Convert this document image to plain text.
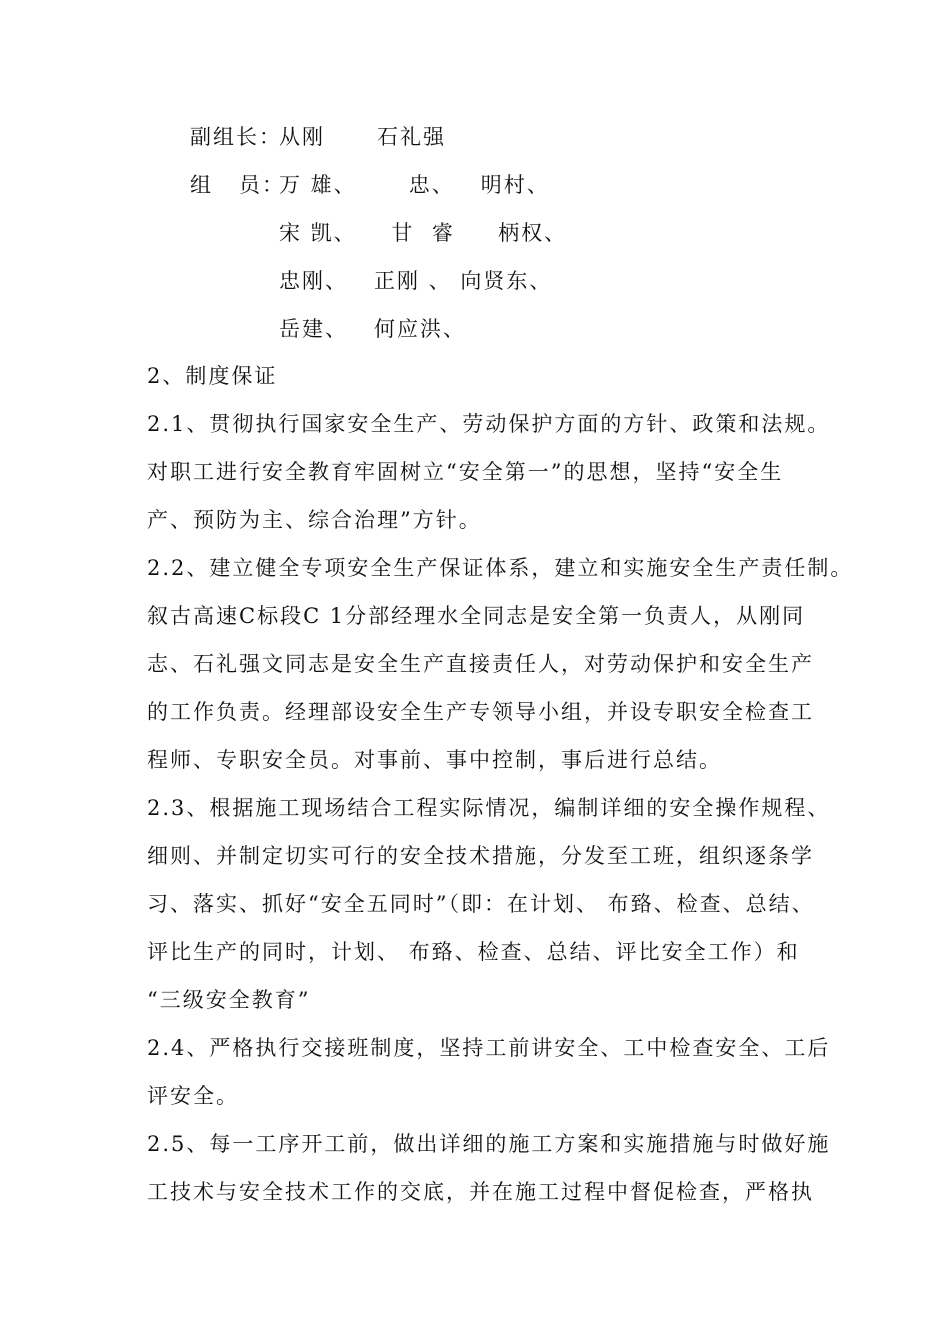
副组长：
从刚      石礼强
组   员：
万 雄、      忠、   明村、
宋 凯、    甘  睿     柄权、
忠刚、   正刚 、 向贤东、
岳建、   何应洪、
2、制度保证
2.1、贯彻执行国家安全生产、劳动保护方面的方针、政策和法规。
对职工进行安全教育牢固树立“安全第一”的思想，坚持“安全生
产、预防为主、综合治理”方针。
2.2、建立健全专项安全生产保证体系，建立和实施安全生产责任制。
叙古高速C标段C 1分部经理水全同志是安全第一负责人，从刚同
志、石礼强文同志是安全生产直接责任人，对劳动保护和安全生产
的工作负责。经理部设安全生产专领导小组，并设专职安全检查工
程师、专职安全员。对事前、事中控制，事后进行总结。
2.3、根据施工现场结合工程实际情况，编制详细的安全操作规程、
细则、并制定切实可行的安全技术措施，分发至工班，组织逐条学
习、落实、抓好“安全五同时”（即：在计划、 布臵、检查、总结、
评比生产的同时，计划、 布臵、检查、总结、评比安全工作）和
“三级安全教育”
2.4、严格执行交接班制度，坚持工前讲安全、工中检查安全、工后
评安全。
2.5、每一工序开工前，做出详细的施工方案和实施措施与时做好施
工技术与安全技术工作的交底，并在施工过程中督促检查，严格执
